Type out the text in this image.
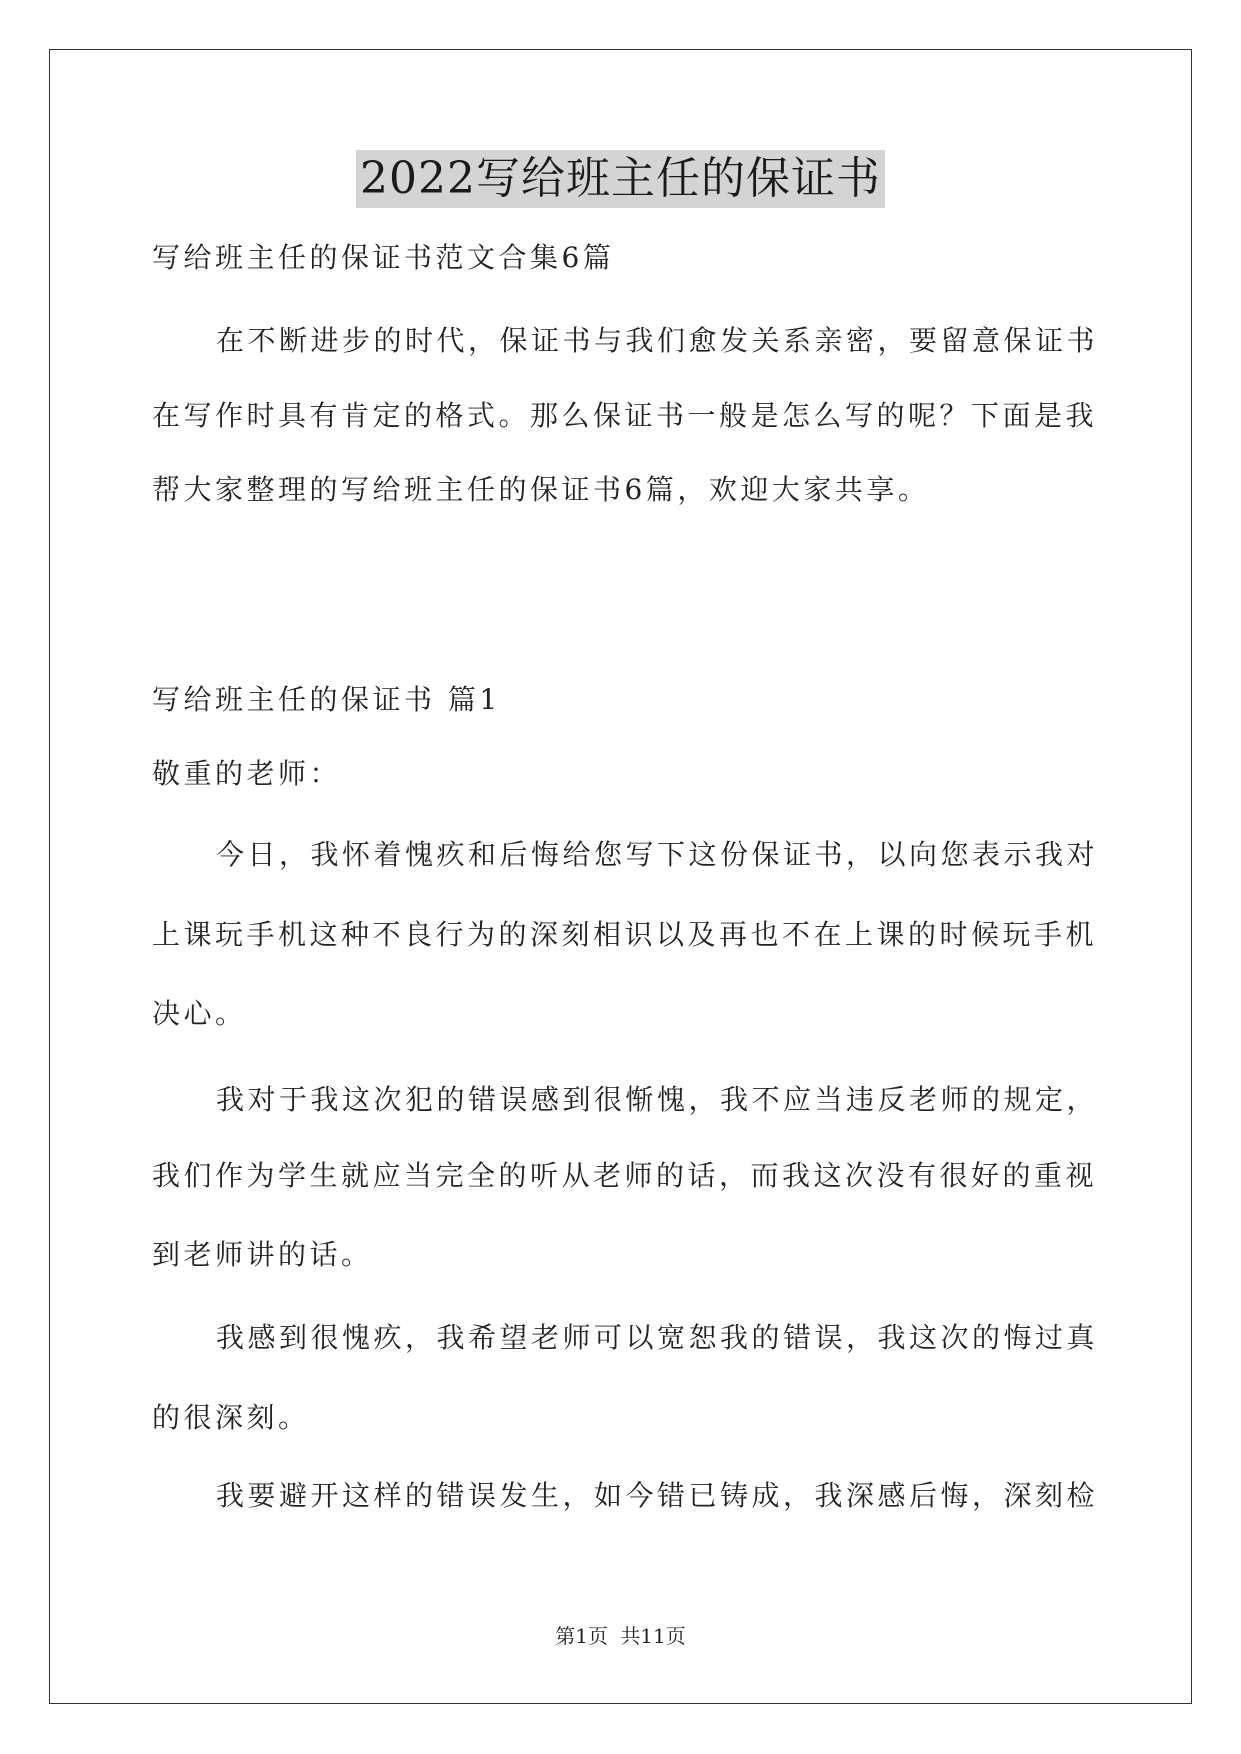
2022写给班主任的保证书
写给班主任的保证书范文合集6篇
在不断进步的时代，保证书与我们愈发关系亲密，要留意保证书
在写作时具有肯定的格式。那么保证书一般是怎么写的呢？下面是我
帮大家整理的写给班主任的保证书6篇，欢迎大家共享。
写给班主任的保证书 篇1
敬重的老师：
今日，我怀着愧疚和后悔给您写下这份保证书，以向您表示我对
上课玩手机这种不良行为的深刻相识以及再也不在上课的时候玩手机
决心。
我对于我这次犯的错误感到很惭愧，我不应当违反老师的规定，
我们作为学生就应当完全的听从老师的话，而我这次没有很好的重视
到老师讲的话。
我感到很愧疚，我希望老师可以宽恕我的错误，我这次的悔过真
的很深刻。
我要避开这样的错误发生，如今错已铸成，我深感后悔，深刻检
第1页 共11页
